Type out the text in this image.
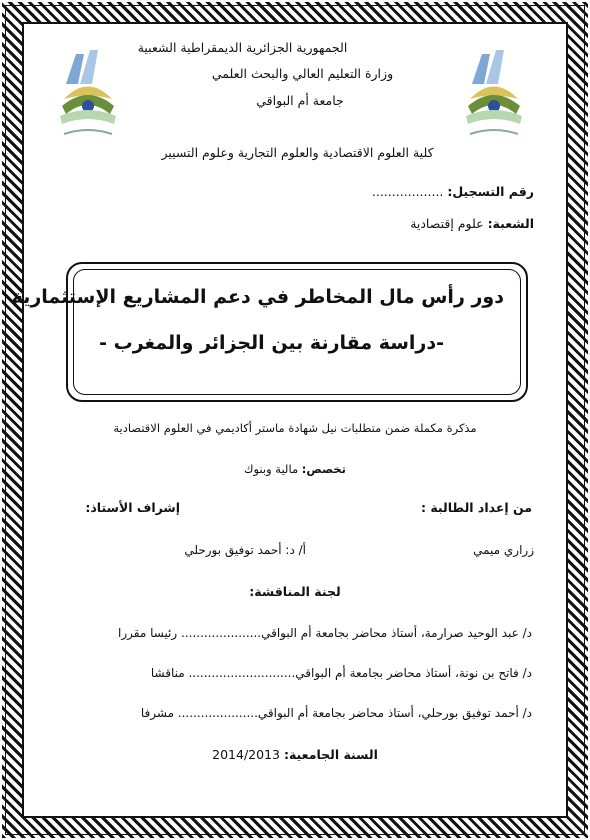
الجمهورية الجزائرية الديمقراطية الشعبية
وزارة التعليم العالي والبحث العلمي
جامعة أم البواقي
كلية العلوم الاقتصادية والعلوم التجارية وعلوم التسيير
رقم التسجيل: ..................
الشعبة: علوم إقتصادية
دور رأس مال المخاطر في دعم المشاريع الإستثمارية
-دراسة مقارنة بين الجزائر والمغرب -
مذكرة مكملة ضمن متطلبات نيل شهادة ماستر أكاديمي في العلوم الاقتصادية
تخصص: مالية وبنوك
من إعداد الطالبة :
إشراف الأستاذ:
زراري ميمي
أ/ د: أحمد توفيق بورحلي
لجنة المناقشة:
د/ عبد الوحيد صرارمة، أستاذ محاضر بجامعة أم البواقي..................... رئيسا مقررا
د/ فاتح بن نونة، أستاذ محاضر بجامعة أم البواقي............................ مناقشا
د/ أحمد توفيق بورحلي، أستاذ محاضر بجامعة أم البواقي..................... مشرفا
السنة الجامعية: 2014/2013
